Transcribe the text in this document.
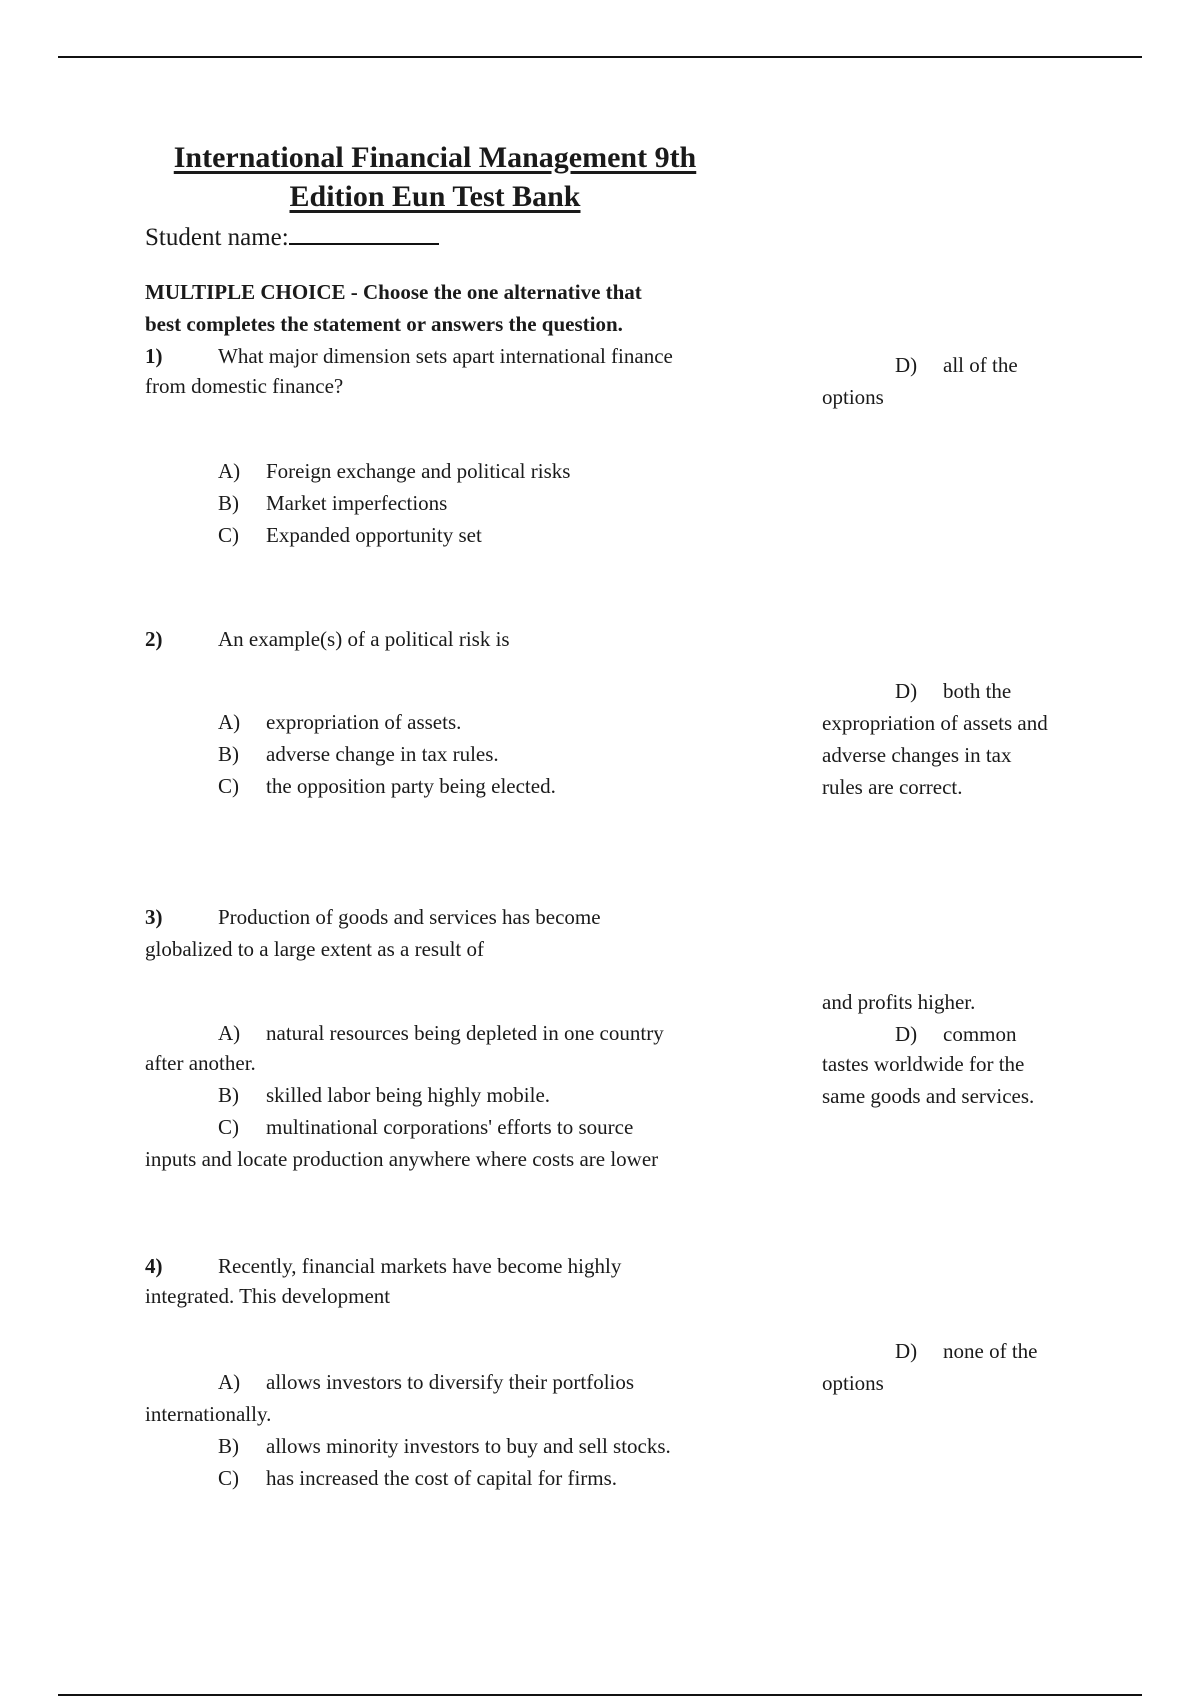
International Financial Management 9th
Edition Eun Test Bank
Student name:
MULTIPLE CHOICE - Choose the one alternative that
best completes the statement or answers the question.
1)	What major dimension sets apart international finance
from domestic finance?
A) Foreign exchange and political risks
B) Market imperfections
C) Expanded opportunity set
D) all of the
options
2)	An example(s) of a political risk is
A) expropriation of assets.
B) adverse change in tax rules.
C) the opposition party being elected.
D) both the
expropriation of assets and
adverse changes in tax
rules are correct.
3)	Production of goods and services has become
globalized to a large extent as a result of
A) natural resources being depleted in one country
after another.
B) skilled labor being highly mobile.
C) multinational corporations' efforts to source
inputs and locate production anywhere where costs are lower
and profits higher.
D) common
tastes worldwide for the
same goods and services.
4)	Recently, financial markets have become highly
integrated. This development
A) allows investors to diversify their portfolios
internationally.
B) allows minority investors to buy and sell stocks.
C) has increased the cost of capital for firms.
D) none of the
options
